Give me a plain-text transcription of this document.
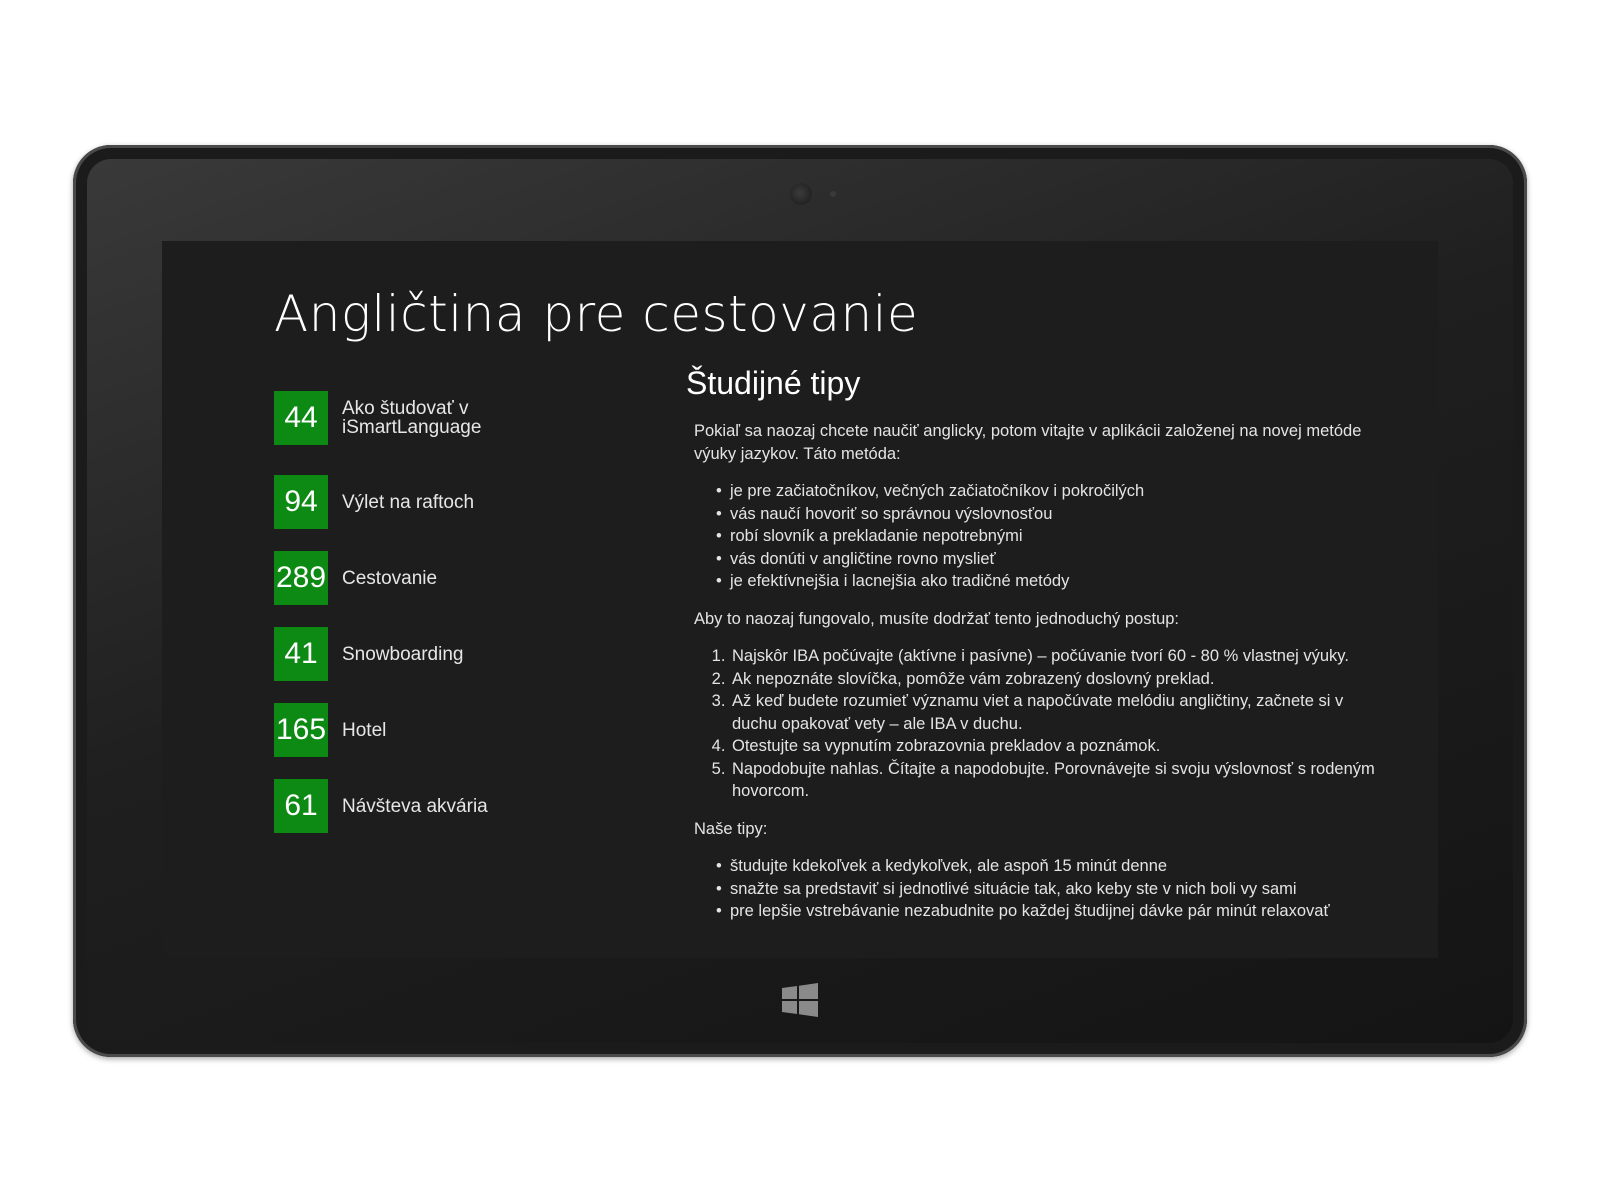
Angličtina pre cestovanie
44	Ako študovať v
iSmartLanguage
94	Výlet na raftoch
289 Cestovanie
41	Snowboarding
165 Hotel
61	Návšteva akvária
Študijné tipy

Pokiaľ sa naozaj chcete naučiť anglicky, potom vitajte v aplikácii založenej na novej metóde výuky jazykov. Táto metóda:

• je pre začiatočníkov, večných začiatočníkov i pokročilých
• vás naučí hovoriť so správnou výslovnosťou
• robí slovník a prekladanie nepotrebnými
• vás donúti v angličtine rovno myslieť
• je efektívnejšia i lacnejšia ako tradičné metódy

Aby to naozaj fungovalo, musíte dodržať tento jednoduchý postup:

1. Najskôr IBA počúvajte (aktívne i pasívne) – počúvanie tvorí 60 - 80 % vlastnej výuky.
2. Ak nepoznáte slovíčka, pomôže vám zobrazený doslovný preklad.
3. Až keď budete rozumieť významu viet a napočúvate melódiu angličtiny, začnete si v duchu opakovať vety – ale IBA v duchu.
4. Otestujte sa vypnutím zobrazovnia prekladov a poznámok.
5. Napodobujte nahlas. Čítajte a napodobujte. Porovnávejte si svoju výslovnosť s rodeným hovorcom.

Naše tipy:

• študujte kdekoľvek a kedykoľvek, ale aspoň 15 minút denne
• snažte sa predstaviť si jednotlivé situácie tak, ako keby ste v nich boli vy sami
• pre lepšie vstrebávanie nezabudnite po každej študijnej dávke pár minút relaxovať
